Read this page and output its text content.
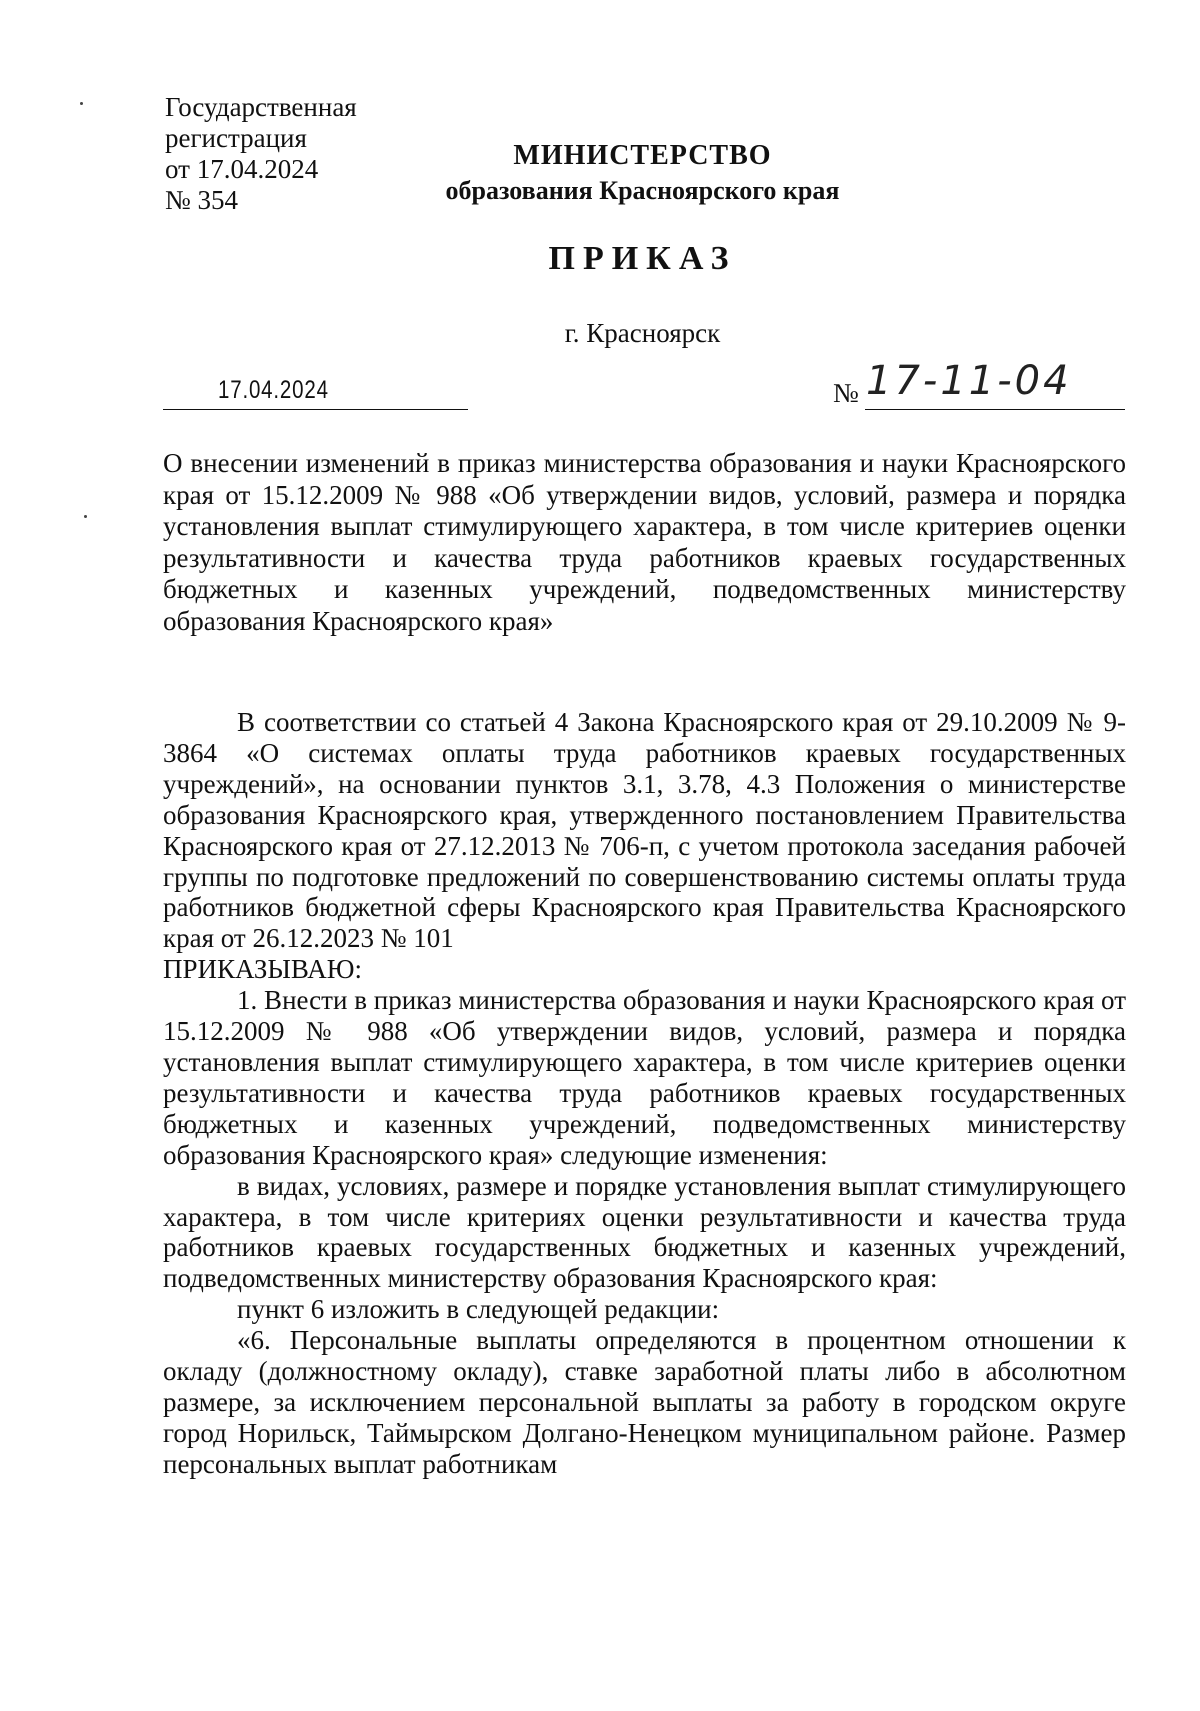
Государственная
регистрация
от 17.04.2024
№ 354
МИНИСТЕРСТВО
образования Красноярского края
ПРИКАЗ
г. Красноярск
17.04.2024	№ 17-11-04
О внесении изменений в приказ министерства образования и науки Красноярского края от 15.12.2009 № 988 «Об утверждении видов, условий, размера и порядка установления выплат стимулирующего характера, в том числе критериев оценки результативности и качества труда работников краевых государственных бюджетных и казенных учреждений, подведомственных министерству образования Красноярского края»

В соответствии со статьей 4 Закона Красноярского края от 29.10.2009 № 9-3864 «О системах оплаты труда работников краевых государственных учреждений», на основании пунктов 3.1, 3.78, 4.3 Положения о министерстве образования Красноярского края, утвержденного постановлением Правительства Красноярского края от 27.12.2013 № 706-п, с учетом протокола заседания рабочей группы по подготовке предложений по совершенствованию системы оплаты труда работников бюджетной сферы Красноярского края Правительства Красноярского края от 26.12.2023 № 101

ПРИКАЗЫВАЮ:

1. Внести в приказ министерства образования и науки Красноярского края от 15.12.2009 № 988 «Об утверждении видов, условий, размера и порядка установления выплат стимулирующего характера, в том числе критериев оценки результативности и качества труда работников краевых государственных бюджетных и казенных учреждений, подведомственных министерству образования Красноярского края» следующие изменения:

в видах, условиях, размере и порядке установления выплат стимулирующего характера, в том числе критериях оценки результативности и качества труда работников краевых государственных бюджетных и казенных учреждений, подведомственных министерству образования Красноярского края:

пункт 6 изложить в следующей редакции:

«6. Персональные выплаты определяются в процентном отношении к окладу (должностному окладу), ставке заработной платы либо в абсолютном размере, за исключением персональной выплаты за работу в городском округе город Норильск, Таймырском Долгано-Ненецком муниципальном районе. Размер персональных выплат работникам
